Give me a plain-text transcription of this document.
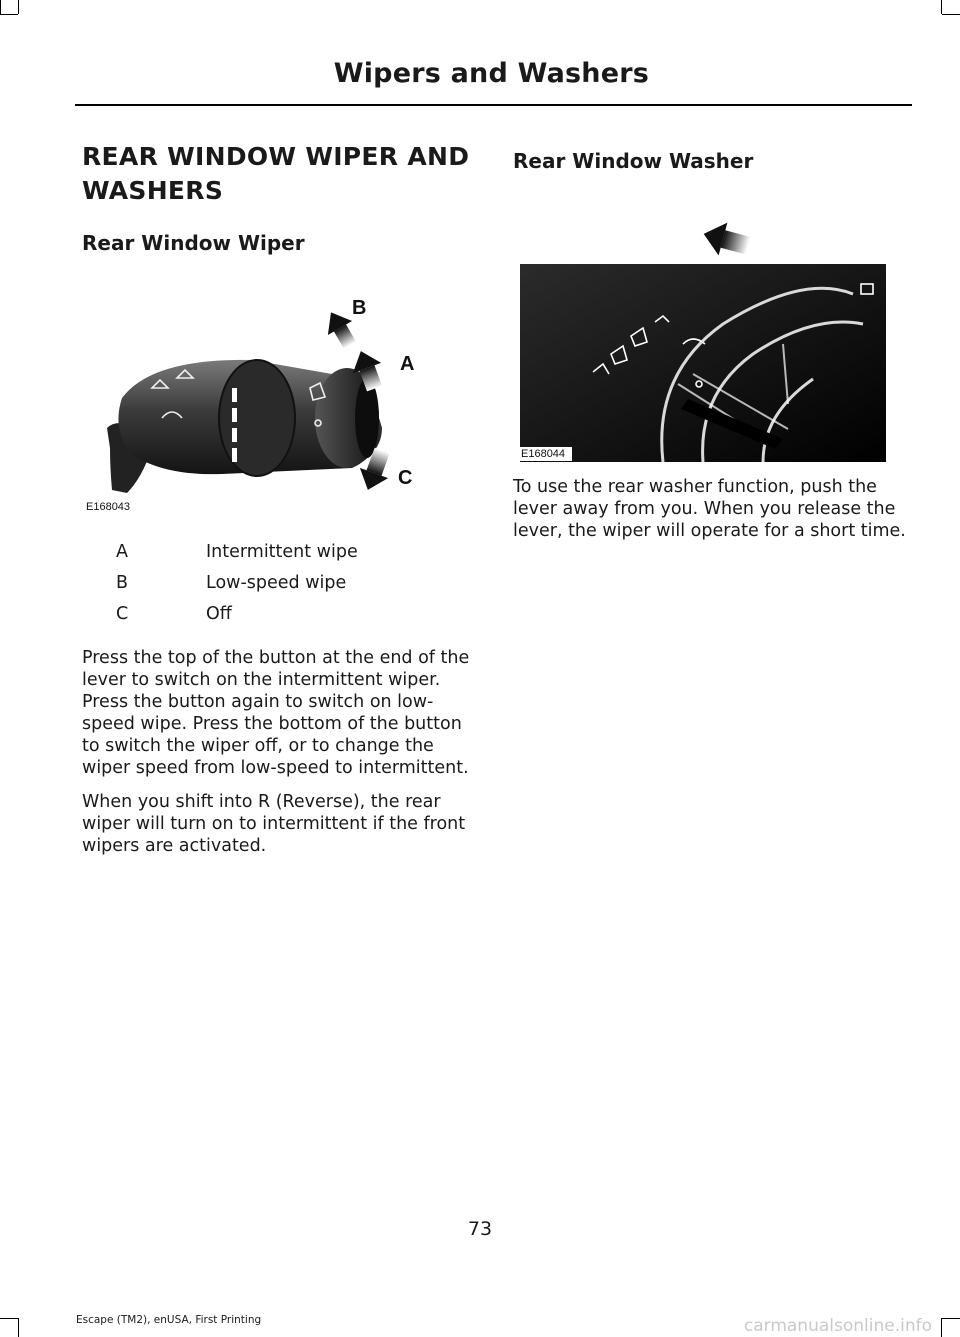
Wipers and Washers
REAR WINDOW WIPER AND
WASHERS
Rear Window Wiper
B
A
C
E168043
A	Intermittent wipe
B	Low-speed wipe
C	Off

Press the top of the button at the end of the lever to switch on the intermittent wiper. Press the button again to switch on low-speed wipe. Press the bottom of the button to switch the wiper off, or to change the wiper speed from low-speed to intermittent.

When you shift into R (Reverse), the rear wiper will turn on to intermittent if the front wipers are activated.

Rear Window Washer
E168044

To use the rear washer function, push the lever away from you. When you release the lever, the wiper will operate for a short time.

73
Escape (TM2), enUSA, First Printing	carmanualsonline.info
